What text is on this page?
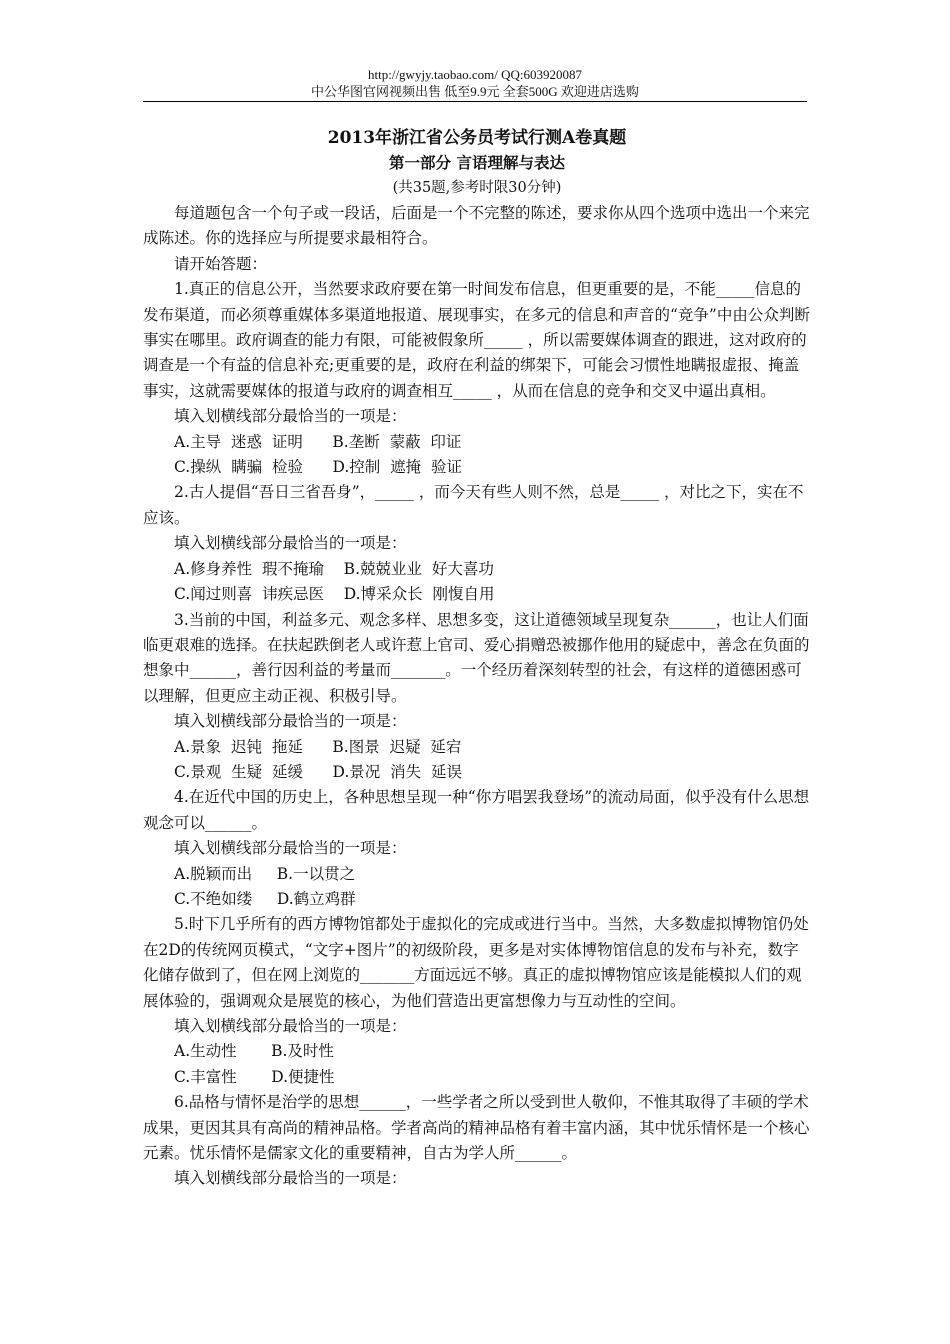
http://gwyjy.taobao.com/ QQ:603920087
中公华图官网视频出售 低至9.9元 全套500G 欢迎进店选购
2013年浙江省公务员考试行测A卷真题
第一部分 言语理解与表达
(共35题,参考时限30分钟)

每道题包含一个句子或一段话，后面是一个不完整的陈述，要求你从四个选项中选出一个来完成陈述。你的选择应与所提要求最相符合。

请开始答题：

1.真正的信息公开，当然要求政府要在第一时间发布信息，但更重要的是，不能_____信息的发布渠道，而必须尊重媒体多渠道地报道、展现事实，在多元的信息和声音的“竞争”中由公众判断事实在哪里。政府调查的能力有限，可能被假象所_____ ，所以需要媒体调查的跟进，这对政府的调查是一个有益的信息补充;更重要的是，政府在利益的绑架下，可能会习惯性地瞒报虚报、掩盖事实，这就需要媒体的报道与政府的调查相互_____ ，从而在信息的竞争和交叉中逼出真相。

填入划横线部分最恰当的一项是：

A.主导  迷惑  证明      B.垄断  蒙蔽  印证

C.操纵  瞒骗  检验      D.控制  遮掩  验证

2.古人提倡“吾日三省吾身”，_____ ，而今天有些人则不然，总是_____ ，对比之下，实在不应该。

填入划横线部分最恰当的一项是：

A.修身养性  瑕不掩瑜    B.兢兢业业  好大喜功

C.闻过则喜  讳疾忌医    D.博采众长  刚愎自用

3.当前的中国，利益多元、观念多样、思想多变，这让道德领域呈现复杂______，也让人们面临更艰难的选择。在扶起跌倒老人或许惹上官司、爱心捐赠恐被挪作他用的疑虑中，善念在负面的想象中______，善行因利益的考量而_______。一个经历着深刻转型的社会，有这样的道德困惑可以理解，但更应主动正视、积极引导。

填入划横线部分最恰当的一项是：

A.景象  迟钝  拖延      B.图景  迟疑  延宕

C.景观  生疑  延缓      D.景况  消失  延误

4.在近代中国的历史上，各种思想呈现一种“你方唱罢我登场”的流动局面，似乎没有什么思想观念可以______。

填入划横线部分最恰当的一项是：

A.脱颖而出     B.一以贯之

C.不绝如缕     D.鹤立鸡群

5.时下几乎所有的西方博物馆都处于虚拟化的完成或进行当中。当然，大多数虚拟博物馆仍处在2D的传统网页模式，“文字+图片”的初级阶段，更多是对实体博物馆信息的发布与补充，数字化储存做到了，但在网上浏览的_______方面远远不够。真正的虚拟博物馆应该是能模拟人们的观展体验的，强调观众是展览的核心，为他们营造出更富想像力与互动性的空间。

填入划横线部分最恰当的一项是：

A.生动性       B.及时性

C.丰富性       D.便捷性

6.品格与情怀是治学的思想______，一些学者之所以受到世人敬仰，不惟其取得了丰硕的学术成果，更因其具有高尚的精神品格。学者高尚的精神品格有着丰富内涵，其中忧乐情怀是一个核心元素。忧乐情怀是儒家文化的重要精神，自古为学人所______。

填入划横线部分最恰当的一项是：
